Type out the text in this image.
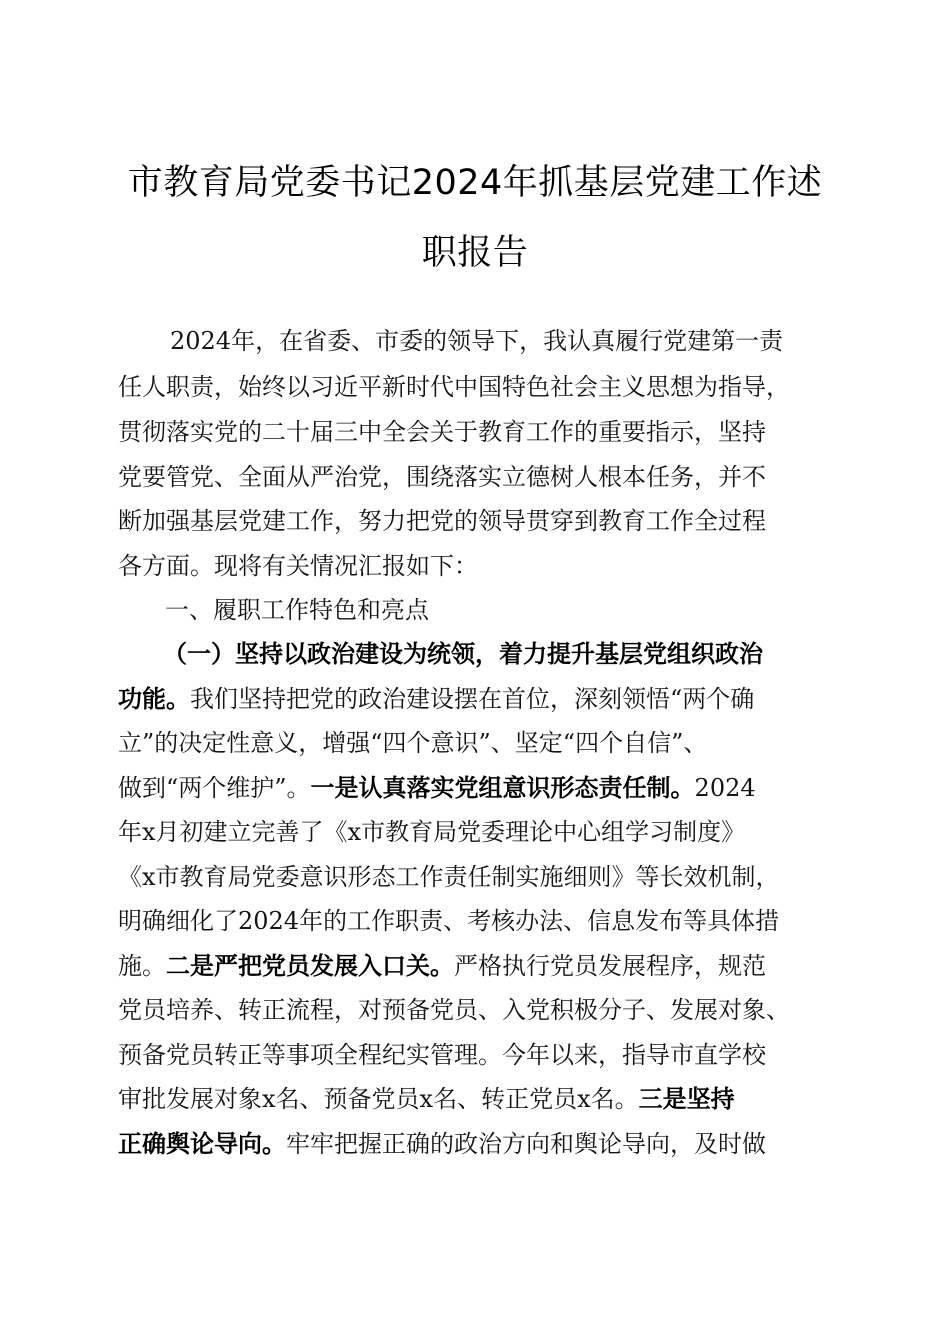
市教育局党委书记2024年抓基层党建工作述
职报告
2024年，在省委、市委的领导下，我认真履行党建第一责
任人职责，始终以习近平新时代中国特色社会主义思想为指导，
贯彻落实党的二十届三中全会关于教育工作的重要指示，坚持
党要管党、全面从严治党，围绕落实立德树人根本任务，并不
断加强基层党建工作，努力把党的领导贯穿到教育工作全过程
各方面。现将有关情况汇报如下：
一、履职工作特色和亮点
（一）坚持以政治建设为统领，着力提升基层党组织政治
功能。我们坚持把党的政治建设摆在首位，深刻领悟“两个确
立”的决定性意义，增强“四个意识”、坚定“四个自信”、
做到“两个维护”。一是认真落实党组意识形态责任制。2024
年x月初建立完善了《x市教育局党委理论中心组学习制度》
《x市教育局党委意识形态工作责任制实施细则》等长效机制，
明确细化了2024年的工作职责、考核办法、信息发布等具体措
施。二是严把党员发展入口关。严格执行党员发展程序，规范
党员培养、转正流程，对预备党员、入党积极分子、发展对象、
预备党员转正等事项全程纪实管理。今年以来，指导市直学校
审批发展对象x名、预备党员x名、转正党员x名。三是坚持
正确舆论导向。牢牢把握正确的政治方向和舆论导向，及时做
